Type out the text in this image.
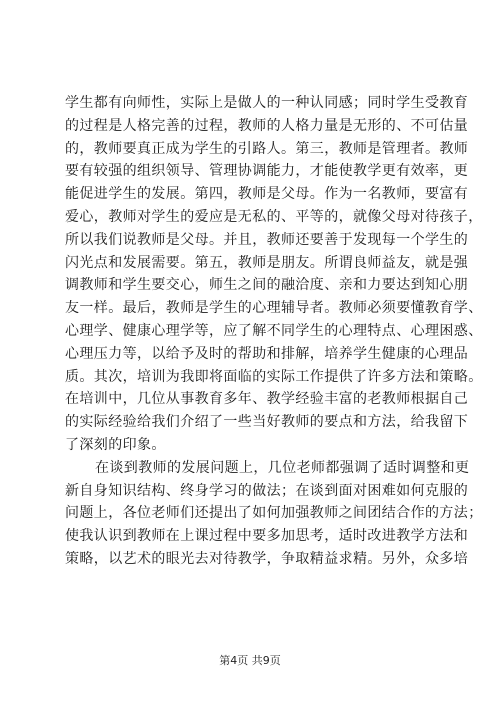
学生都有向师性，实际上是做人的一种认同感；同时学生受教育
的过程是人格完善的过程，教师的人格力量是无形的、不可估量
的，教师要真正成为学生的引路人。第三，教师是管理者。教师
要有较强的组织领导、管理协调能力，才能使教学更有效率，更
能促进学生的发展。第四，教师是父母。作为一名教师，要富有
爱心，教师对学生的爱应是无私的、平等的，就像父母对待孩子，
所以我们说教师是父母。并且，教师还要善于发现每一个学生的
闪光点和发展需要。第五，教师是朋友。所谓良师益友，就是强
调教师和学生要交心，师生之间的融洽度、亲和力要达到知心朋
友一样。最后，教师是学生的心理辅导者。教师必须要懂教育学、
心理学、健康心理学等，应了解不同学生的心理特点、心理困惑、
心理压力等，以给予及时的帮助和排解，培养学生健康的心理品
质。其次，培训为我即将面临的实际工作提供了许多方法和策略。
在培训中，几位从事教育多年、教学经验丰富的老教师根据自己
的实际经验给我们介绍了一些当好教师的要点和方法，给我留下
了深刻的印象。
在谈到教师的发展问题上，几位老师都强调了适时调整和更
新自身知识结构、终身学习的做法；在谈到面对困难如何克服的
问题上，各位老师们还提出了如何加强教师之间团结合作的方法；
使我认识到教师在上课过程中要多加思考，适时改进教学方法和
策略，以艺术的眼光去对待教学，争取精益求精。另外，众多培
第4页 共9页
